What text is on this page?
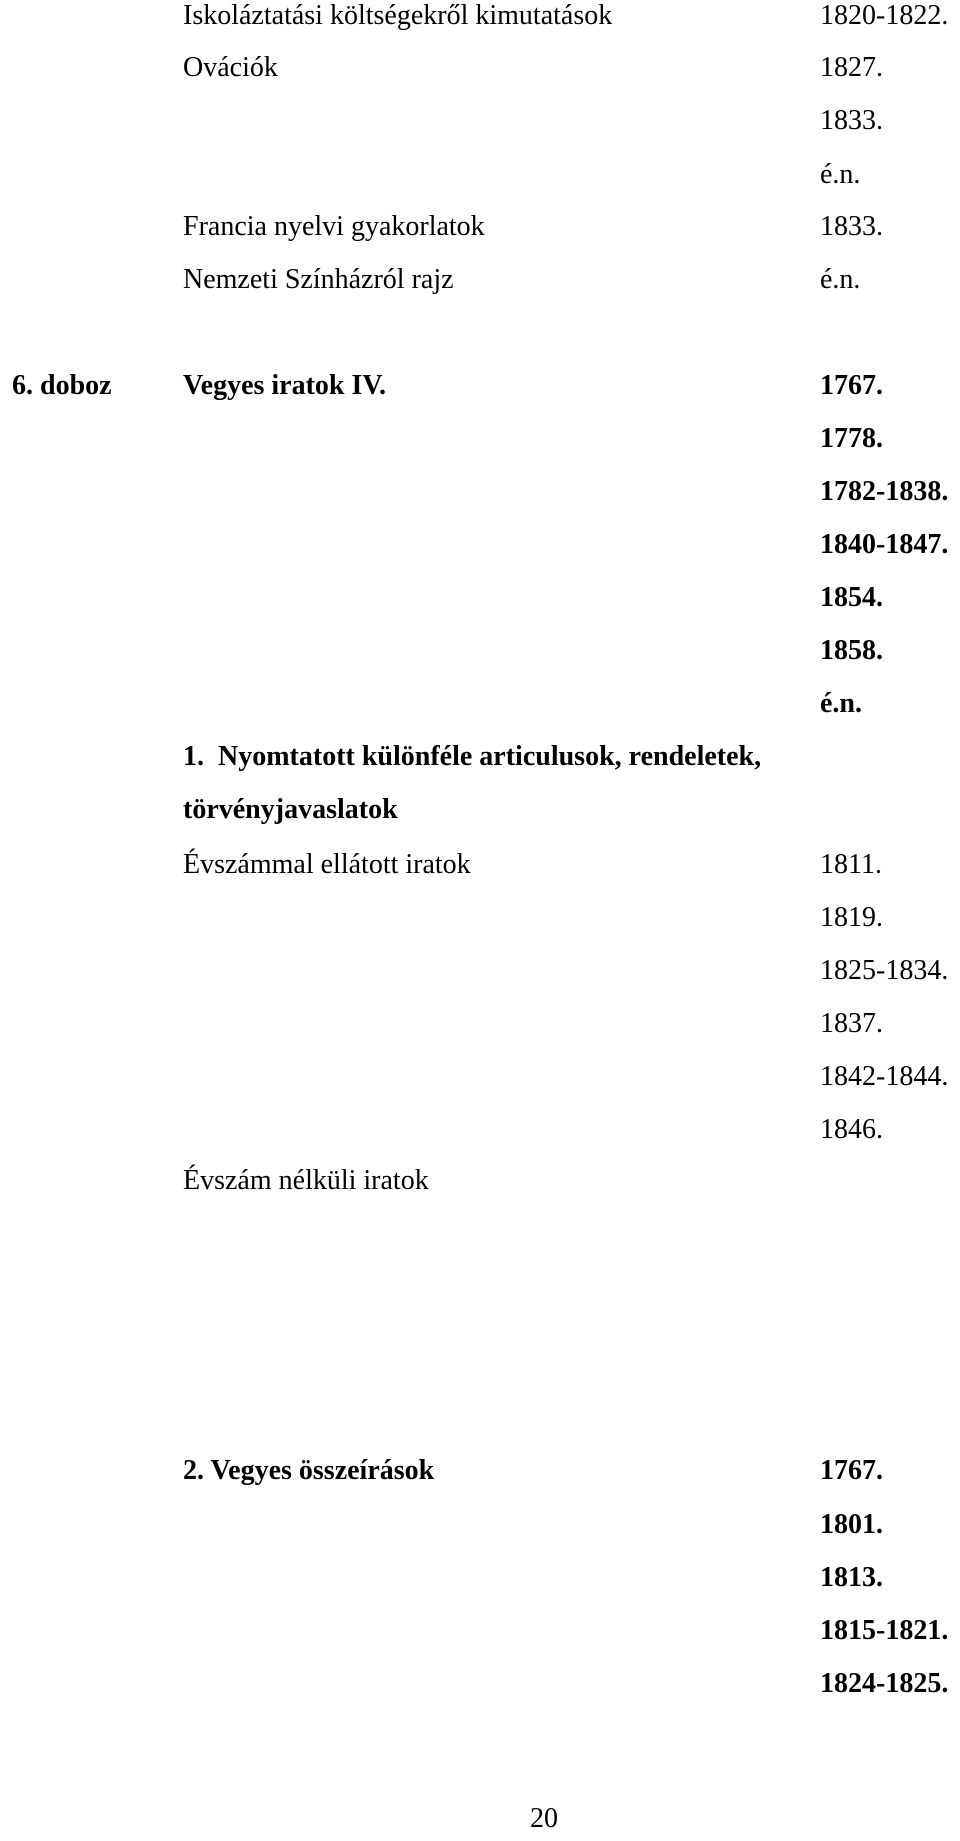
Iskoláztatási költségekről kimutatások	1820-1822.
Ovációk	1827.
1833.
é.n.
Francia nyelvi gyakorlatok	1833.
Nemzeti Színházról rajz	é.n.
6. doboz	Vegyes iratok IV.	1767.
1778.
1782-1838.
1840-1847.
1854.
1858.
é.n.
1.  Nyomtatott különféle articulusok, rendeletek,
törvényjavaslatok
Évszámmal ellátott iratok	1811.
1819.
1825-1834.
1837.
1842-1844.
1846.
Évszám nélküli iratok
2. Vegyes összeírások	1767.
1801.
1813.
1815-1821.
1824-1825.
20
